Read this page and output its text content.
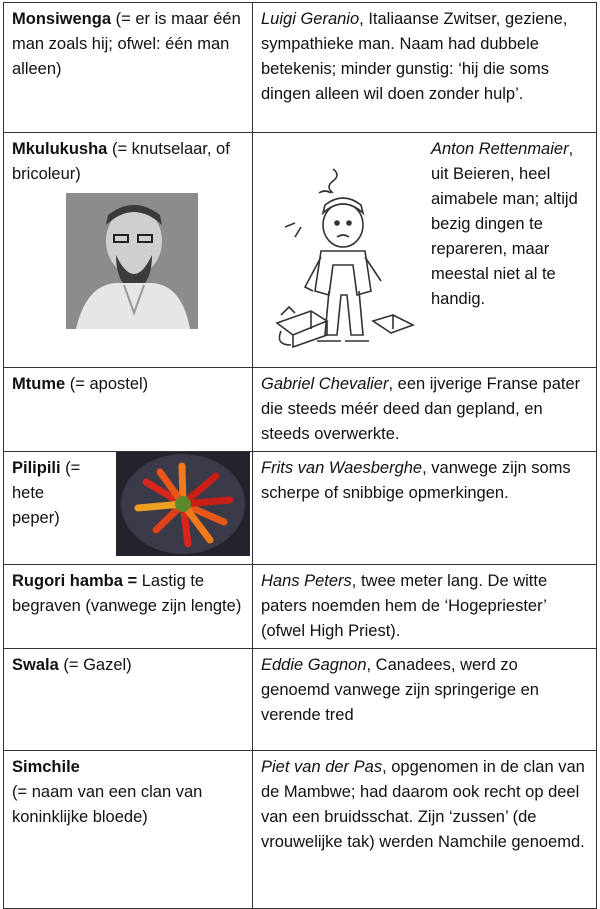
Monsiwenga (= er is maar één man zoals hij; ofwel: één man alleen)	Luigi Geranio, Italiaanse Zwitser, geziene, sympathieke man. Naam had dubbele betekenis; minder gunstig: ‘hij die soms dingen alleen wil doen zonder hulp’.
Mkulukusha (= knutselaar, of bricoleur)	Anton Rettenmaier, uit Beieren, heel aimabele man; altijd bezig dingen te repareren, maar meestal niet al te handig.

Mtume (= apostel)	Gabriel Chevalier, een ijverige Franse pater die steeds méér deed dan gepland, en steeds overwerkte.

Pilipili (= hete peper)	Frits van Waesberghe, vanwege zijn soms scherpe of snibbige opmerkingen.
Rugori hamba = Lastig te begraven (vanwege zijn lengte)	Hans Peters, twee meter lang. De witte paters noemden hem de ‘Hogepriester’ (ofwel High Priest).
Swala (= Gazel)	Eddie Gagnon, Canadees, werd zo genoemd vanwege zijn springerige en verende tred
Simchile
(= naam van een clan van koninklijke bloede)	Piet van der Pas, opgenomen in de clan van de Mambwe; had daarom ook recht op deel van een bruidsschat. Zijn ‘zussen’ (de vrouwelijke tak) werden Namchile genoemd.
